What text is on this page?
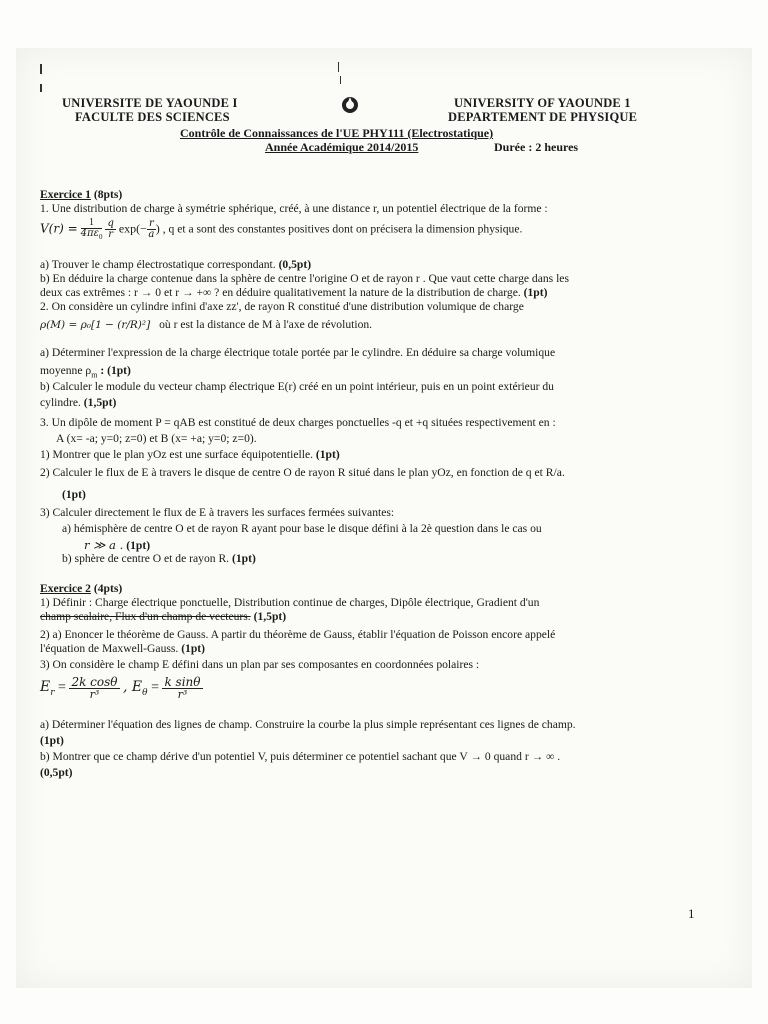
UNIVERSITE DE YAOUNDE I
FACULTE DES SCIENCES
UNIVERSITY OF YAOUNDE 1
DEPARTEMENT DE PHYSIQUE
Contrôle de Connaissances de l'UE PHY111 (Electrostatique)
Année Académique 2014/2015	Durée : 2 heures
Exercice 1 (8pts)
1. Une distribution de charge à symétrie sphérique, créé, à une distance r, un potentiel électrique de la forme :
$V(r) = \frac{1}{4\pi\varepsilon_0}$
$\frac{q}{r} \exp(- \frac{r}{a}$ ) , q et a sont des constantes positives dont on précisera la dimension physique.
a) Trouver le champ électrostatique correspondant. (0,5pt)
b) En déduire la charge contenue dans la sphère de centre l'origine O et de rayon r . Que vaut cette charge dans les
deux cas extrêmes : r → 0 et r → +∞ ? en déduire qualitativement la nature de la distribution de charge. (1pt)
2. On considère un cylindre infini d'axe zz', de rayon R constitué d'une distribution volumique de charge
ρ(M) = ρ₀[1 − (r/R)²] où r est la distance de M à l'axe de révolution.
a) Déterminer l'expression de la charge électrique totale portée par le cylindre. En déduire sa charge volumique
moyenne $\rho_m$ : (1pt)
b) Calculer le module du vecteur champ électrique E(r) créé en un point intérieur, puis en un point extérieur du
cylindre. (1,5pt)
3. Un dipôle de moment P = qAB est constitué de deux charges ponctuelles -q et +q situées respectivement en :
A (x= -a; y=0; z=0) et B (x= +a; y=0; z=0).
1) Montrer que le plan yOz est une surface équipotentielle. (1pt)
2) Calculer le flux de E à travers le disque de centre O de rayon R situé dans le plan yOz, en fonction de q et R/a.
(1pt)
3) Calculer directement le flux de E à travers les surfaces fermées suivantes:
a) hémisphère de centre O et de rayon R ayant pour base le disque défini à la 2è question dans le cas ou
r ≫ a . (1pt)
b) sphère de centre O et de rayon R. (1pt)
Exercice 2 (4pts)
1) Définir : Charge électrique ponctuelle, Distribution continue de charges, Dipôle électrique, Gradient d'un
champ scalaire, Flux d'un champ de vecteurs. (1,5pt)
2) a) Enoncer le théorème de Gauss. A partir du théorème de Gauss, établir l'équation de Poisson encore appelé
l'équation de Maxwell-Gauss. (1pt)
3) On considère le champ E défini dans un plan par ses composantes en coordonnées polaires :
$E_r = \frac{\text{2k cosθ}}{\text{r³}}$ , $E_\theta = \frac{\text{k sinθ}}{\text{r³}}$
a) Déterminer l'équation des lignes de champ. Construire la courbe la plus simple représentant ces lignes de champ.
(1pt)
b) Montrer que ce champ dérive d'un potentiel V, puis déterminer ce potentiel sachant que V → 0 quand r → ∞ .
(0,5pt)
1
